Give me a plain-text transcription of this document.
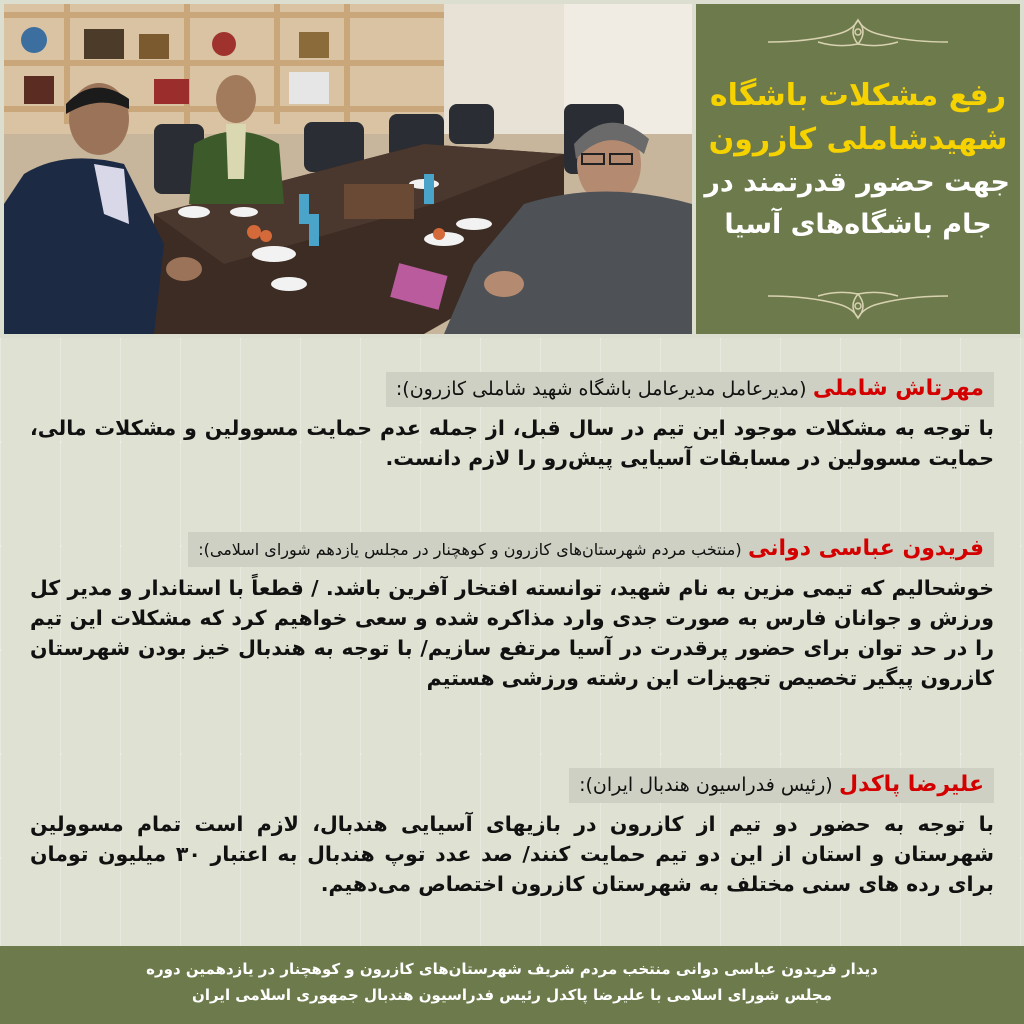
رفع مشکلات باشگاه
شهیدشاملی کازرون
جهت حضور قدرتمند در
جام باشگاه‌های آسیا
مهرتاش شاملی (مدیرعامل مدیرعامل باشگاه شهید شاملی کازرون):
با توجه به مشکلات موجود این تیم در سال قبل، از جمله عدم حمایت مسوولین و مشکلات مالی، حمایت مسوولین در مسابقات آسیایی پیش‌رو را لازم دانست.
فریدون عباسی دوانی (منتخب مردم شهرستان‌های کازرون و کوهچنار در مجلس یازدهم شورای اسلامی):
خوشحالیم که تیمی مزین به نام شهید، توانسته افتخار آفرین باشد. / قطعاً با استاندار و مدیر کل ورزش و جوانان فارس به صورت جدی وارد مذاکره شده و سعی خواهیم کرد که مشکلات این تیم را در حد توان برای حضور پرقدرت در آسیا مرتفع سازیم/ با توجه به هندبال خیز بودن شهرستان کازرون پیگیر تخصیص تجهیزات این رشته ورزشی هستیم
علیرضا پاکدل (رئیس فدراسیون هندبال ایران):
با توجه به حضور دو تیم از کازرون در بازیهای آسیایی هندبال، لازم است تمام مسوولین شهرستان و استان از این دو تیم حمایت کنند/ صد عدد توپ هندبال به اعتبار ۳۰ میلیون تومان برای رده های سنی مختلف به شهرستان کازرون اختصاص می‌دهیم.
دیدار فریدون عباسی دوانی منتخب مردم شریف شهرستان‌های کازرون و کوهچنار در یازدهمین دوره
مجلس شورای اسلامی با علیرضا پاکدل رئیس فدراسیون هندبال جمهوری اسلامی ایران
